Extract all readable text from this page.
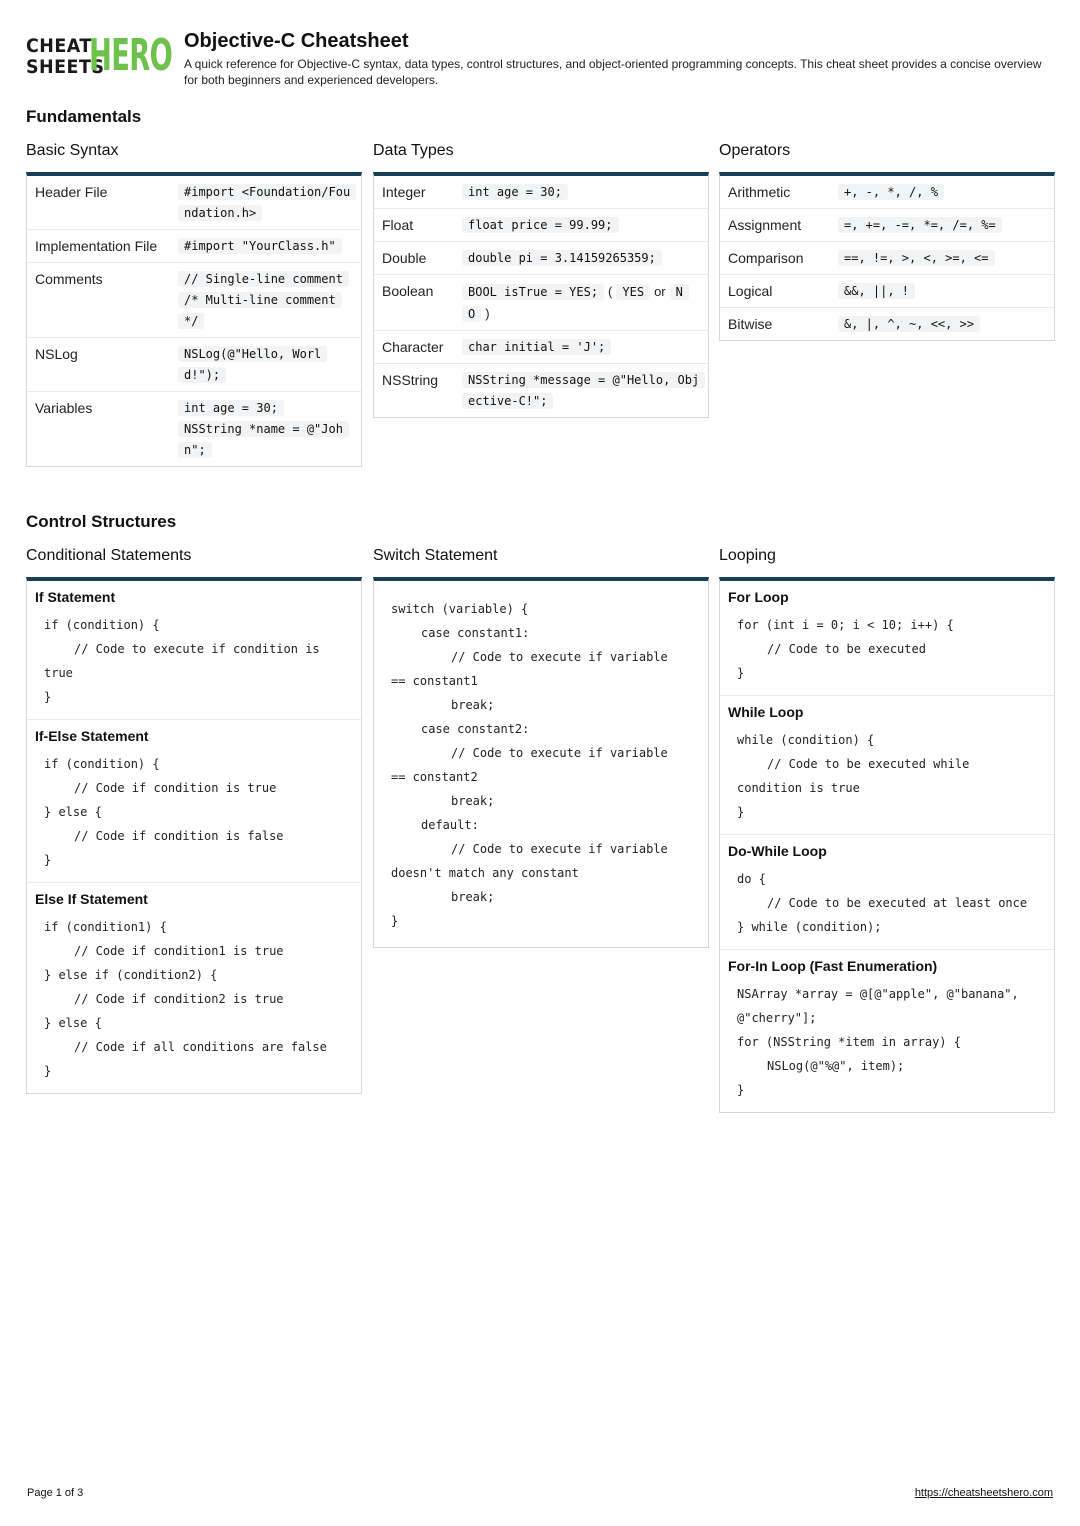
CHEAT
SHEETS
HERO Objective-C Cheatsheet
A quick reference for Objective-C syntax, data types, control structures, and object-oriented programming concepts. This cheat sheet provides a concise overview for both beginners and experienced developers.
Fundamentals
Basic Syntax
Header File	#import <Foundation/Foundation.h>
Implementation File	#import "YourClass.h"
Comments	// Single-line comment
/* Multi-line comment */
NSLog	NSLog(@"Hello, World!");
Variables	int age = 30;
NSString *name = @"John";
Data Types
Integer	int age = 30;
Float	float price = 99.99;
Double	double pi = 3.14159265359;
Boolean	BOOL isTrue = YES; ( YES or NO )
Character	char initial = 'J';
NSString	NSString *message = @"Hello, Objective-C!";
Operators
Arithmetic	+, -, *, /, %
Assignment	=, +=, -=, *=, /=, %=
Comparison	==, !=, >, <, >=, <=
Logical	&&, ||, !
Bitwise	&, |, ^, ~, <<, >>
Control Structures
Conditional Statements
If Statement
if (condition) {
// Code to execute if condition is
true
}
If-Else Statement
if (condition) {
// Code if condition is true
} else {
// Code if condition is false
}
Else If Statement
if (condition1) {
// Code if condition1 is true
} else if (condition2) {
// Code if condition2 is true
} else {
// Code if all conditions are false
}
Switch Statement
switch (variable) {
case constant1:
// Code to execute if variable
== constant1
break;
case constant2:
// Code to execute if variable
== constant2
break;
default:
// Code to execute if variable
doesn't match any constant
break;
}
Looping
For Loop
for (int i = 0; i < 10; i++) {
// Code to be executed
}
While Loop
while (condition) {
// Code to be executed while
condition is true
}
Do-While Loop
do {
// Code to be executed at least once
} while (condition);
For-In Loop (Fast Enumeration)
NSArray *array = @[@"apple", @"banana",
@"cherry"];
for (NSString *item in array) {
NSLog(@"%@", item);
}
Page 1 of 3	https://cheatsheetshero.com
